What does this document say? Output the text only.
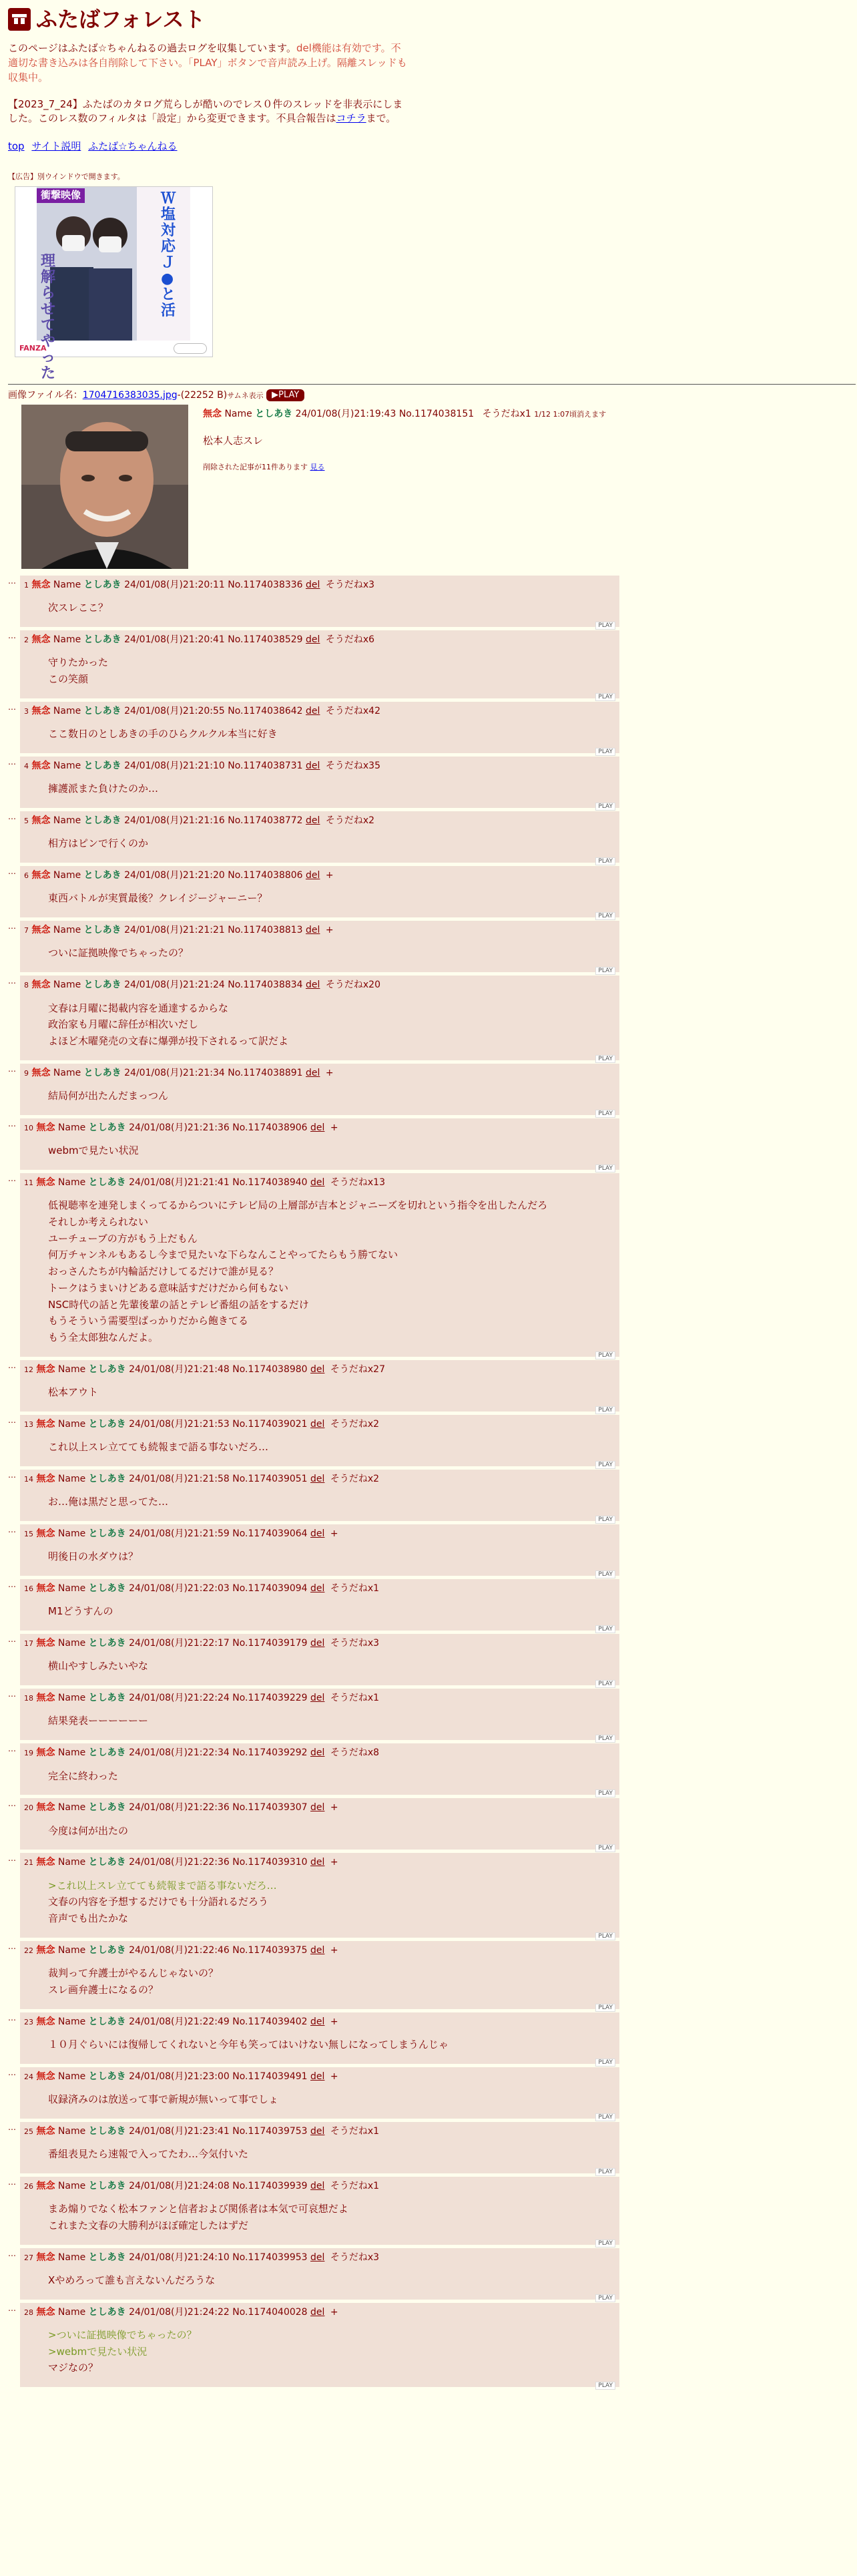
ふたばフォレスト

このページはふたば☆ちゃんねるの過去ログを収集しています。del機能は有効です。不適切な書き込みは各自削除して下さい。「PLAY」ボタンで音声読み上げ。隔離スレッドも収集中。

【2023_7_24】ふたばのカタログ荒らしが酷いのでレス０件のスレッドを非表示にしました。このレス数のフィルタは「設定」から変更できます。不具合報告はコチラまで。

top サイト説明 ふたば☆ちゃんねる
【広告】別ウインドウで開きます。
衝撃映像	Ｗ塩対応Ｊ●と活
理解らせてやった
FANZA
画像ファイル名：1704716383035.jpg-(22252 B)サムネ表示 ▶PLAY
無念 Name としあき 24/01/08(月)21:19:43 No.1174038151 そうだねx1 1/12 1:07頃消えます
松本人志スレ
削除された記事が11件あります 見る
… 1 無念 Name としあき 24/01/08(月)21:20:11 No.1174038336 del そうだねx3
次スレここ？
PLAY
… 2 無念 Name としあき 24/01/08(月)21:20:41 No.1174038529 del そうだねx6
守りたかった
この笑顔
PLAY
… 3 無念 Name としあき 24/01/08(月)21:20:55 No.1174038642 del そうだねx42
ここ数日のとしあきの手のひらクルクル本当に好き
PLAY
… 4 無念 Name としあき 24/01/08(月)21:21:10 No.1174038731 del そうだねx35
擁護派また負けたのか…
PLAY
… 5 無念 Name としあき 24/01/08(月)21:21:16 No.1174038772 del そうだねx2
相方はピンで行くのか
PLAY
… 6 無念 Name としあき 24/01/08(月)21:21:20 No.1174038806 del +
東西バトルが実質最後？クレイジージャーニー？
PLAY
… 7 無念 Name としあき 24/01/08(月)21:21:21 No.1174038813 del +
ついに証拠映像でちゃったの？
PLAY
… 8 無念 Name としあき 24/01/08(月)21:21:24 No.1174038834 del そうだねx20
文春は月曜に掲載内容を通達するからな
政治家も月曜に辞任が相次いだし
よほど木曜発売の文春に爆弾が投下されるって訳だよ
PLAY
… 9 無念 Name としあき 24/01/08(月)21:21:34 No.1174038891 del +
結局何が出たんだまっつん
PLAY
… 10 無念 Name としあき 24/01/08(月)21:21:36 No.1174038906 del +
webmで見たい状況
PLAY
… 11 無念 Name としあき 24/01/08(月)21:21:41 No.1174038940 del そうだねx13
低視聴率を連発しまくってるからついにテレビ局の上層部が吉本とジャニーズを切れという指令を出したんだろ
それしか考えられない
ユーチューブの方がもう上だもん
何万チャンネルもあるし今まで見たいな下らなんことやってたらもう勝てない
おっさんたちが内輪話だけしてるだけで誰が見る？
トークはうまいけどある意味話すだけだから何もない
NSC時代の話と先輩後輩の話とテレビ番組の話をするだけ
もうそういう需要型ばっかりだから飽きてる
もう全太郎独なんだよ。
PLAY
… 12 無念 Name としあき 24/01/08(月)21:21:48 No.1174038980 del そうだねx27
松本アウト
PLAY
… 13 無念 Name としあき 24/01/08(月)21:21:53 No.1174039021 del そうだねx2
これ以上スレ立てても続報まで語る事ないだろ…
PLAY
… 14 無念 Name としあき 24/01/08(月)21:21:58 No.1174039051 del そうだねx2
お…俺は黒だと思ってた…
PLAY
… 15 無念 Name としあき 24/01/08(月)21:21:59 No.1174039064 del +
明後日の水ダウは？
PLAY
… 16 無念 Name としあき 24/01/08(月)21:22:03 No.1174039094 del そうだねx1
M1どうすんの
PLAY
… 17 無念 Name としあき 24/01/08(月)21:22:17 No.1174039179 del そうだねx3
横山やすしみたいやな
PLAY
… 18 無念 Name としあき 24/01/08(月)21:22:24 No.1174039229 del そうだねx1
結果発表ーーーーーー
PLAY
… 19 無念 Name としあき 24/01/08(月)21:22:34 No.1174039292 del そうだねx8
完全に終わった
PLAY
… 20 無念 Name としあき 24/01/08(月)21:22:36 No.1174039307 del +
今度は何が出たの
PLAY
… 21 無念 Name としあき 24/01/08(月)21:22:36 No.1174039310 del +
>これ以上スレ立てても続報まで語る事ないだろ…
文春の内容を予想するだけでも十分語れるだろう
音声でも出たかな
PLAY
… 22 無念 Name としあき 24/01/08(月)21:22:46 No.1174039375 del +
裁判って弁護士がやるんじゃないの？
スレ画弁護士になるの？
PLAY
… 23 無念 Name としあき 24/01/08(月)21:22:49 No.1174039402 del +
１０月ぐらいには復帰してくれないと今年も笑ってはいけない無しになってしまうんじゃ
PLAY
… 24 無念 Name としあき 24/01/08(月)21:23:00 No.1174039491 del +
収録済みのは放送って事で新規が無いって事でしょ
PLAY
… 25 無念 Name としあき 24/01/08(月)21:23:41 No.1174039753 del そうだねx1
番組表見たら速報で入ってたわ…今気付いた
PLAY
… 26 無念 Name としあき 24/01/08(月)21:24:08 No.1174039939 del そうだねx1
まあ煽りでなく松本ファンと信者および関係者は本気で可哀想だよ
これまた文春の大勝利がほぼ確定したはずだ
PLAY
… 27 無念 Name としあき 24/01/08(月)21:24:10 No.1174039953 del そうだねx3
Xやめろって誰も言えないんだろうな
PLAY
… 28 無念 Name としあき 24/01/08(月)21:24:22 No.1174040028 del +
>ついに証拠映像でちゃったの？
>webmで見たい状況
マジなの？
PLAY
